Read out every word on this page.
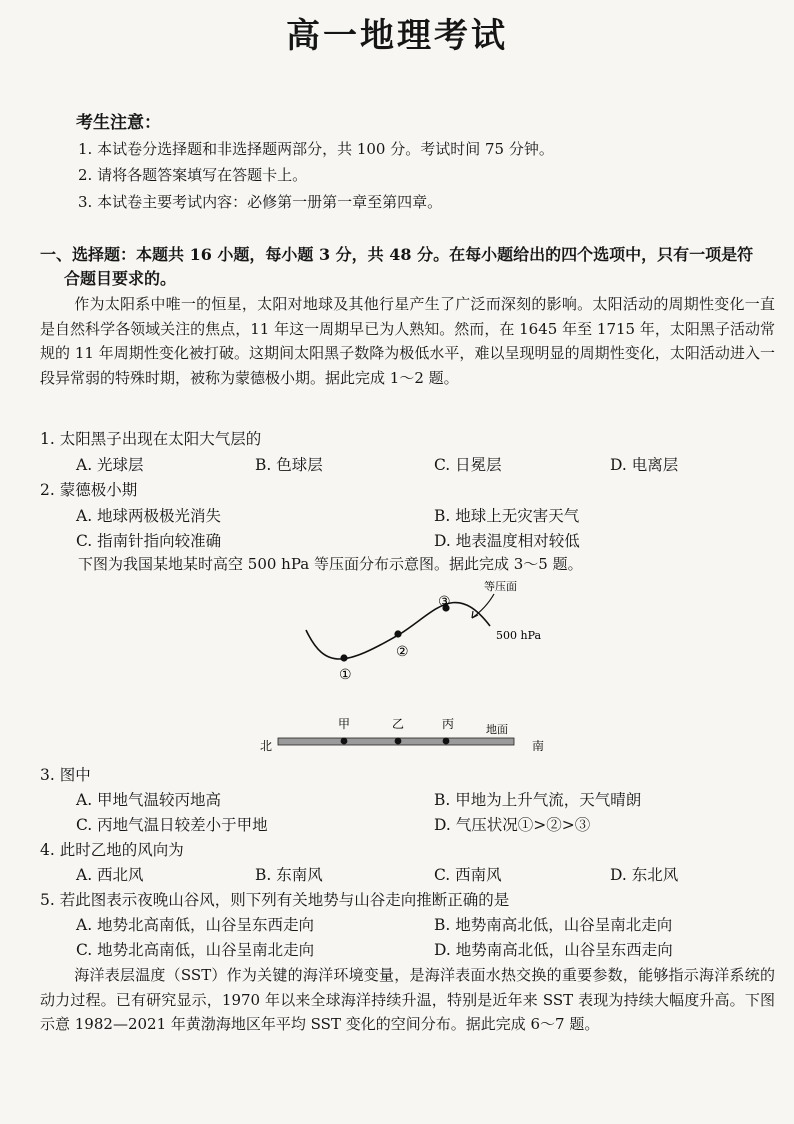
高一地理考试
考生注意：
1. 本试卷分选择题和非选择题两部分，共 100 分。考试时间 75 分钟。
2. 请将各题答案填写在答题卡上。
3. 本试卷主要考试内容：必修第一册第一章至第四章。
一、选择题：本题共 16 小题，每小题 3 分，共 48 分。在每小题给出的四个选项中，只有一项是符
合题目要求的。
作为太阳系中唯一的恒星，太阳对地球及其他行星产生了广泛而深刻的影响。太阳活动的周期性变化一直是自然科学各领域关注的焦点，11 年这一周期早已为人熟知。然而，在 1645 年至 1715 年，太阳黑子活动常规的 11 年周期性变化被打破。这期间太阳黑子数降为极低水平，难以呈现明显的周期性变化，太阳活动进入一段异常弱的特殊时期，被称为蒙德极小期。据此完成 1～2 题。
1. 太阳黑子出现在太阳大气层的
A. 光球层	B. 色球层	C. 日冕层	D. 电离层
2. 蒙德极小期
A. 地球两极极光消失	B. 地球上无灾害天气
C. 指南针指向较准确	D. 地表温度相对较低
下图为我国某地某时高空 500 hPa 等压面分布示意图。据此完成 3～5 题。
①
②
③
等压面
500 hPa
甲	乙	丙	地面
北	南
3. 图中
A. 甲地气温较丙地高	B. 甲地为上升气流，天气晴朗
C. 丙地气温日较差小于甲地	D. 气压状况①>②>③
4. 此时乙地的风向为
A. 西北风	B. 东南风	C. 西南风	D. 东北风
5. 若此图表示夜晚山谷风，则下列有关地势与山谷走向推断正确的是
A. 地势北高南低，山谷呈东西走向	B. 地势南高北低，山谷呈南北走向
C. 地势北高南低，山谷呈南北走向	D. 地势南高北低，山谷呈东西走向
海洋表层温度（SST）作为关键的海洋环境变量，是海洋表面水热交换的重要参数，能够指示海洋系统的动力过程。已有研究显示，1970 年以来全球海洋持续升温，特别是近年来 SST 表现为持续大幅度升高。下图示意 1982—2021 年黄渤海地区年平均 SST 变化的空间分布。据此完成 6～7 题。
